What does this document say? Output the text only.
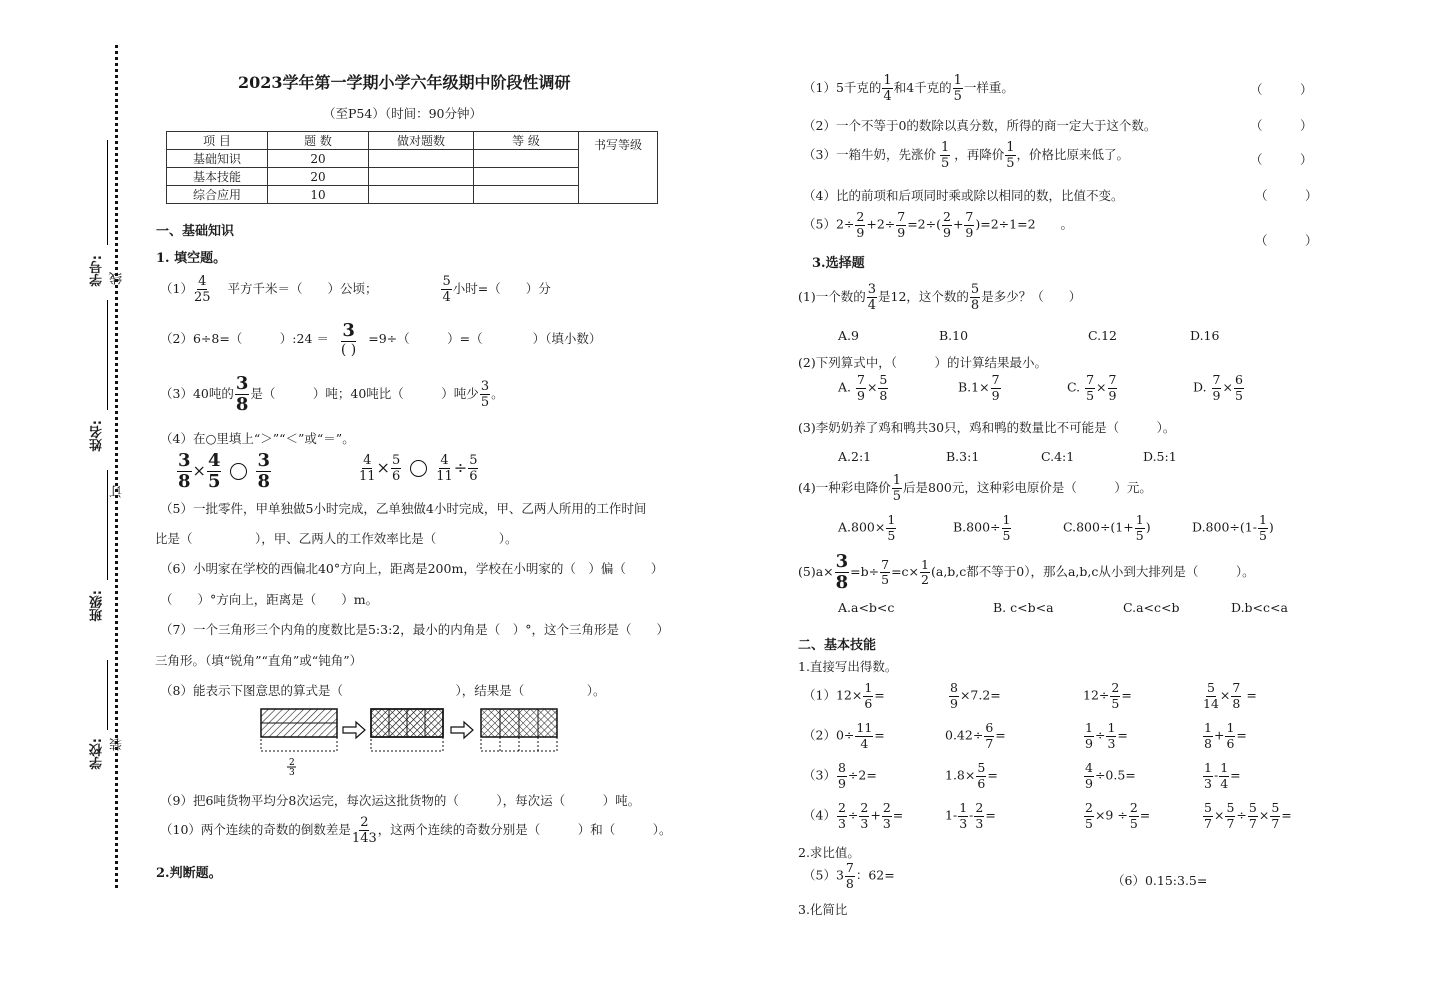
学校:
班级:
姓名:
学号:
装
订
线
2023学年第一学期小学六年级期中阶段性调研
（至P54）（时间：90分钟）
项 目	题 数	做对题数	等 级	书写等级

基础知识	20			
基本技能	20			
综合应用	10			
一、基础知识
1. 填空题。
$(1) \frac{4}{25}$ 平方千米＝（　　）公顷；	$\frac{5}{4}$ 小时=（　　）分
（2）6÷8=（　　　）:24 ＝ $\frac{3}{( )} =9\div$（　　　）=（　　　　）（填小数）
（3）40吨的 $\frac{3}{8}$ 是（　　　）吨；40吨比（　　　）吨少 $\frac{3}{5}$ 。
（4）在○里填上“＞”“＜”或“＝”。
$\frac{3}{8} \times \frac{4}{5} \frac{3}{8}$	$\frac{4}{11} \times \frac{5}{6}$	$\frac{4}{11} \div \frac{5}{6}$
（5）一批零件，甲单独做5小时完成，乙单独做4小时完成，甲、乙两人所用的工作时间
比是（　　　　　），甲、乙两人的工作效率比是（　　　　　）。
（6）小明家在学校的西偏北40°方向上，距离是200m，学校在小明家的（　）偏（　　）
（　　）°方向上，距离是（　　）m。
（7）一个三角形三个内角的度数比是5:3:2，最小的内角是（　）°，这个三角形是（　　）
三角形。（填“锐角”“直角”或“钝角”）
（8）能表示下图意思的算式是（　　　　　　　　　），结果是（　　　　　）。
2
3
（9）把6吨货物平均分8次运完，每次运这批货物的（　　　），每次运（　　　）吨。
（10）两个连续的奇数的倒数差是 $\frac{2}{143}$ ，这两个连续的奇数分别是（　　　）和（　　　）。
2.判断题。
（1）5千克的 $\frac{1}{4}$ 和4千克的 $\frac{1}{5}$ 一样重。	（　　　）
（2）一个不等于0的数除以真分数，所得的商一定大于这个数。	（　　　）
（3）一箱牛奶，先涨价 $\frac{1}{5}$ ，再降价 $\frac{1}{5}$ ，价格比原来低了。	（　　　）
（4）比的前项和后项同时乘或除以相同的数，比值不变。	（　　　）
$(5)2\div \frac{2}{9} +2\div \frac{7}{9} =2\div( \frac{2}{9} + \frac{7}{9} )=2\div 1=2$　　。
（　　　）
3.选择题
(1)一个数的 $\frac{3}{4}$ 是12，这个数的 $\frac{5}{8}$ 是多少？（　　）
A.9	B.10	C.12	D.16
(2)下列算式中，（　　　）的计算结果最小。
A. $\frac{7}{9} \times \frac{5}{8}$	$B.1\times \frac{7}{9}$	C. $\frac{7}{5} \times \frac{7}{9}$	D. $\frac{7}{9} \times \frac{6}{5}$
(3)李奶奶养了鸡和鸭共30只，鸡和鸭的数量比不可能是（　　　）。
A.2:1	B.3:1	C.4:1	D.5:1
(4)一种彩电降价 $\frac{1}{5}$ 后是800元，这种彩电原价是（　　　）元。
$A.800\times \frac{1}{5}$	$B.800\div \frac{1}{5}$	$C.800\div(1+ \frac{1}{5}$ )	$D.800\div(1- \frac{1}{5}$ )
$(5)a\times \frac{3}{8} =b\div \frac{7}{5} =c\times \frac{1}{2} (a,b,c$都不等于0），那么a,b,c从小到大排列是（　　　）。
A.a<b<c	B. c<b<a	C.a<c<b	D.b<c<a
二、基本技能
1.直接写出得数。
$(1)12\times \frac{1}{6}$ =	$\frac{8}{9} \times 7.2=$	$12\div \frac{2}{5}$ =	$\frac{5}{14} \times \frac{7}{8}$ =
$(2)0\div \frac{11}{4}$ =	$0.42\div \frac{6}{7}$ =	$\frac{1}{9} \div \frac{1}{3}$ =	$\frac{1}{8} + \frac{1}{6}$ =
$(3) \frac{8}{9} \div 2=$	$1.8\times \frac{5}{6}$ =	$\frac{4}{9} \div 0.5=$	$\frac{1}{3} - \frac{1}{4}$ =
$(4) \frac{2}{3} \div \frac{2}{3} + \frac{2}{3}$ =	$1- \frac{1}{3} - \frac{2}{3}$ =	$\frac{2}{5} \times 9 \div \frac{2}{5}$ =	$\frac{5}{7} \times \frac{5}{7} \div \frac{5}{7} \times \frac{5}{7}$ =
2.求比值。
$(5)3 \frac{7}{8}$ ：62=	（6）0.15:3.5=
3.化简比
